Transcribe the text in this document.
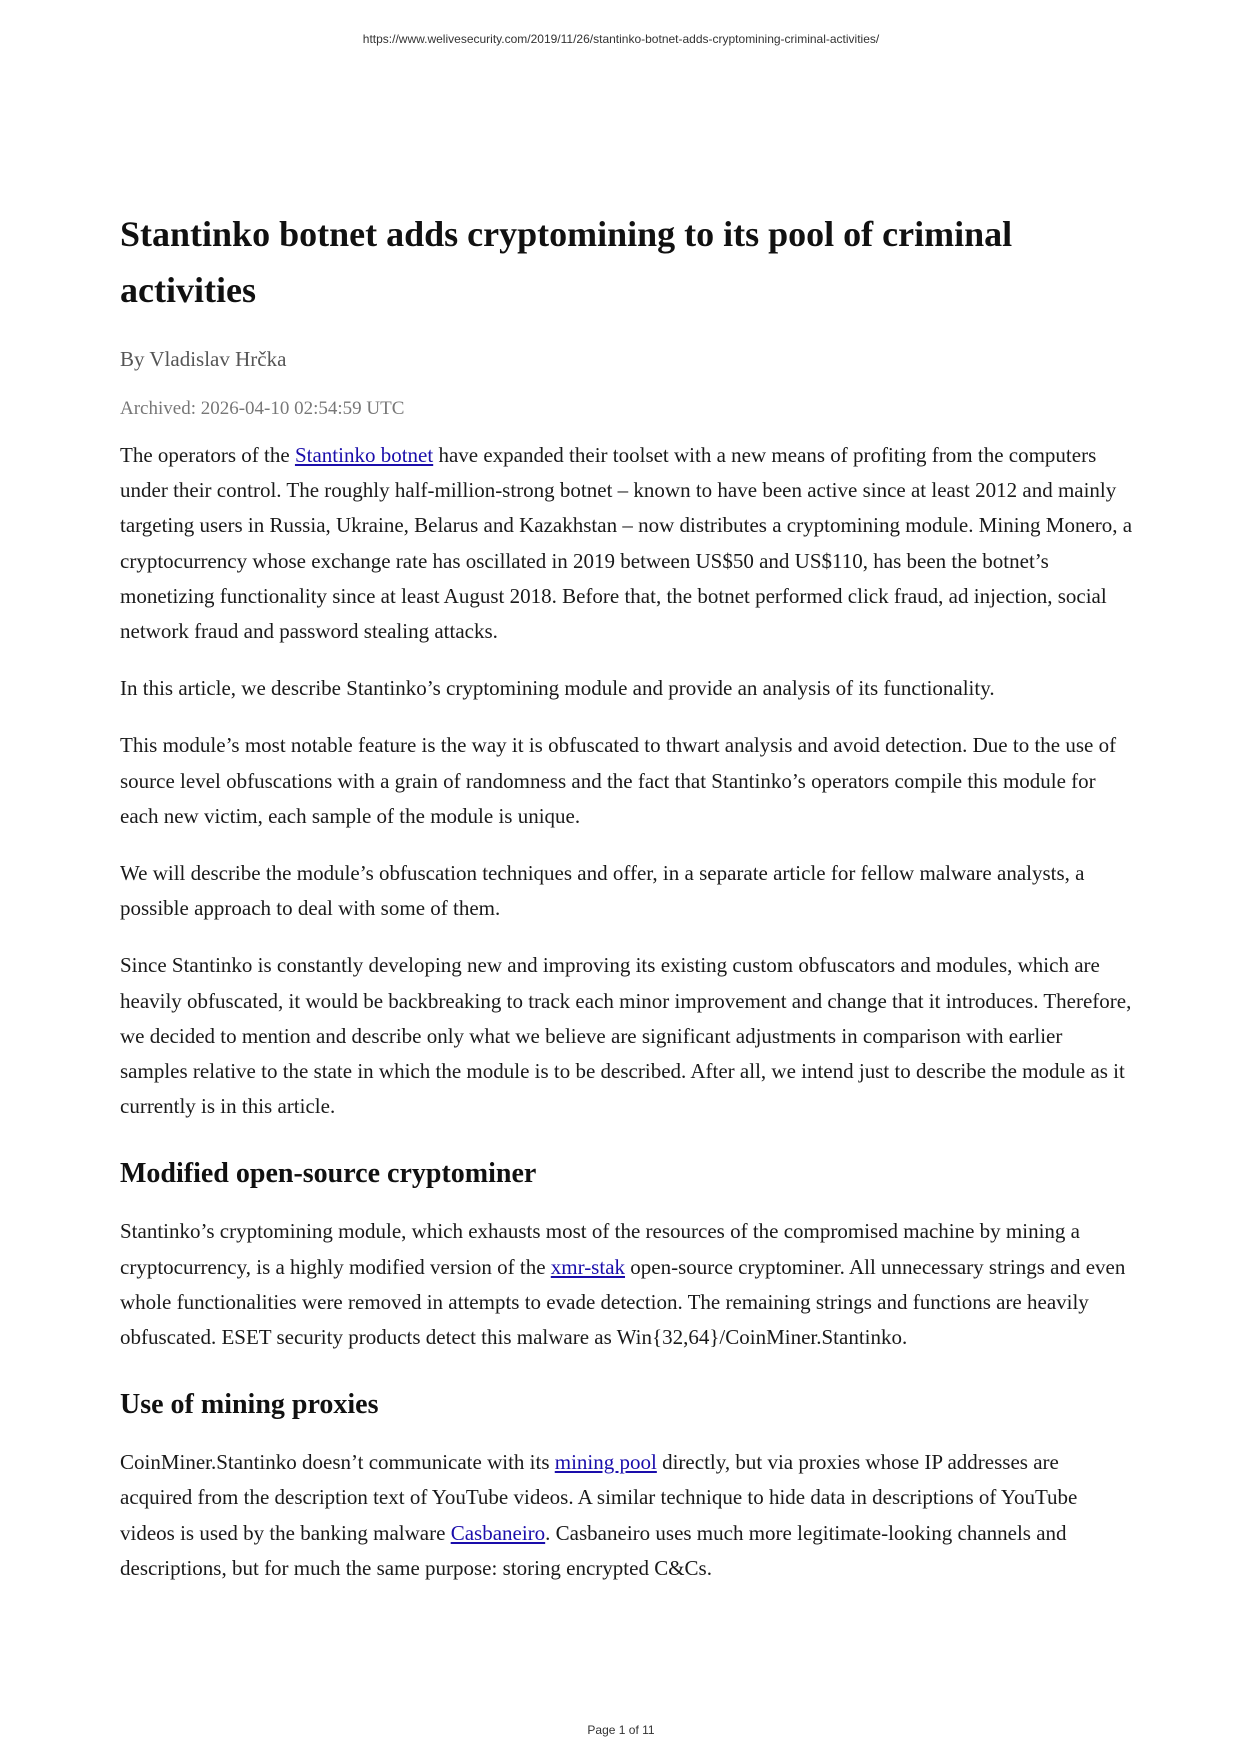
https://www.welivesecurity.com/2019/11/26/stantinko-botnet-adds-cryptomining-criminal-activities/
Stantinko botnet adds cryptomining to its pool of criminal activities
By Vladislav Hrčka
Archived: 2026-04-10 02:54:59 UTC

The operators of the Stantinko botnet have expanded their toolset with a new means of profiting from the computers under their control. The roughly half-million-strong botnet – known to have been active since at least 2012 and mainly targeting users in Russia, Ukraine, Belarus and Kazakhstan – now distributes a cryptomining module. Mining Monero, a cryptocurrency whose exchange rate has oscillated in 2019 between US$50 and US$110, has been the botnet’s monetizing functionality since at least August 2018. Before that, the botnet performed click fraud, ad injection, social network fraud and password stealing attacks.

In this article, we describe Stantinko’s cryptomining module and provide an analysis of its functionality.

This module’s most notable feature is the way it is obfuscated to thwart analysis and avoid detection. Due to the use of source level obfuscations with a grain of randomness and the fact that Stantinko’s operators compile this module for each new victim, each sample of the module is unique.

We will describe the module’s obfuscation techniques and offer, in a separate article for fellow malware analysts, a possible approach to deal with some of them.

Since Stantinko is constantly developing new and improving its existing custom obfuscators and modules, which are heavily obfuscated, it would be backbreaking to track each minor improvement and change that it introduces. Therefore, we decided to mention and describe only what we believe are significant adjustments in comparison with earlier samples relative to the state in which the module is to be described. After all, we intend just to describe the module as it currently is in this article.

Modified open-source cryptominer

Stantinko’s cryptomining module, which exhausts most of the resources of the compromised machine by mining a cryptocurrency, is a highly modified version of the xmr-stak open-source cryptominer. All unnecessary strings and even whole functionalities were removed in attempts to evade detection. The remaining strings and functions are heavily obfuscated. ESET security products detect this malware as Win{32,64}/CoinMiner.Stantinko.

Use of mining proxies

CoinMiner.Stantinko doesn’t communicate with its mining pool directly, but via proxies whose IP addresses are acquired from the description text of YouTube videos. A similar technique to hide data in descriptions of YouTube videos is used by the banking malware Casbaneiro. Casbaneiro uses much more legitimate-looking channels and descriptions, but for much the same purpose: storing encrypted C&Cs.

Page 1 of 11
